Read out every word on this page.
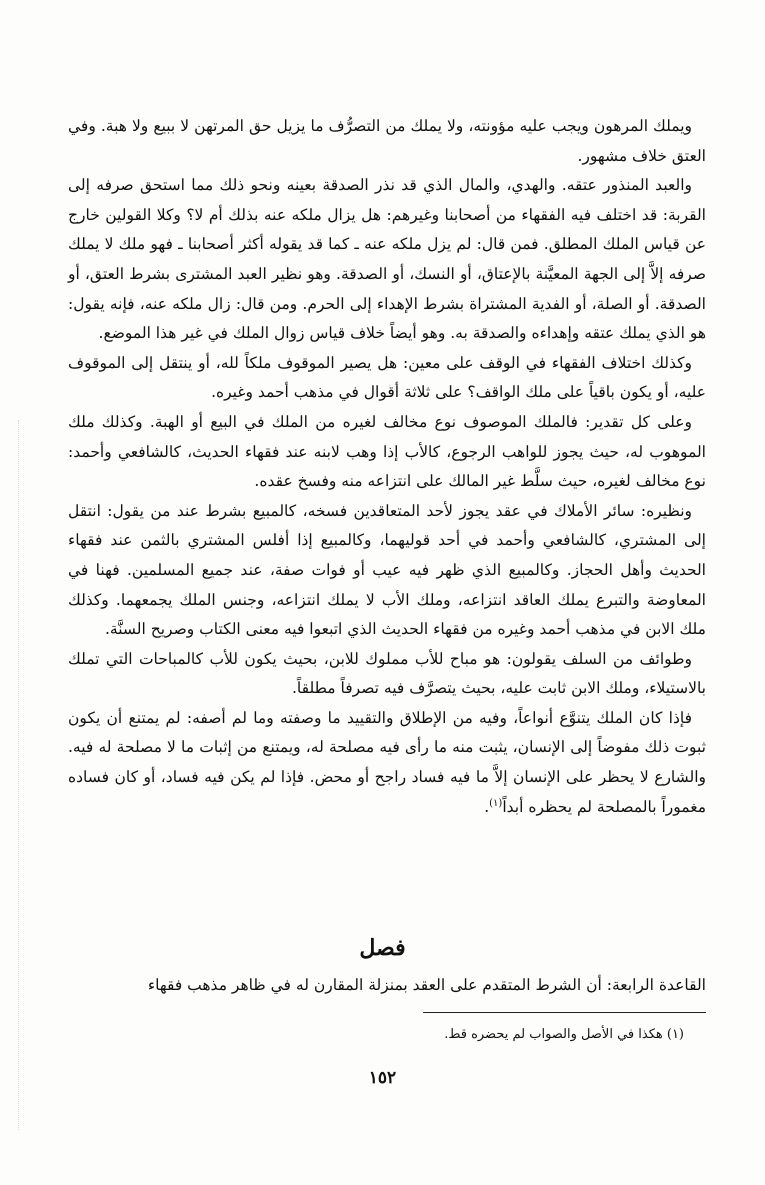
ويملك المرهون ويجب عليه مؤونته، ولا يملك من التصرُّف ما يزيل حق المرتهن لا ببيع ولا هبة. وفي العتق خلاف مشهور.

والعبد المنذور عتقه. والهدي، والمال الذي قد نذر الصدقة بعينه ونحو ذلك مما استحق صرفه إلى القربة: قد اختلف فيه الفقهاء من أصحابنا وغيرهم: هل يزال ملكه عنه بذلك أم لا؟ وكلا القولين خارج عن قياس الملك المطلق. فمن قال: لم يزل ملكه عنه ـ كما قد يقوله أكثر أصحابنا ـ فهو ملك لا يملك صرفه إلاَّ إلى الجهة المعيَّنة بالإعتاق، أو النسك، أو الصدقة. وهو نظير العبد المشترى بشرط العتق، أو الصدقة. أو الصلة، أو الفدية المشتراة بشرط الإهداء إلى الحرم. ومن قال: زال ملكه عنه، فإنه يقول: هو الذي يملك عتقه وإهداءه والصدقة به. وهو أيضاً خلاف قياس زوال الملك في غير هذا الموضع.

وكذلك اختلاف الفقهاء في الوقف على معين: هل يصير الموقوف ملكاً لله، أو ينتقل إلى الموقوف عليه، أو يكون باقياً على ملك الواقف؟ على ثلاثة أقوال في مذهب أحمد وغيره.

وعلى كل تقدير: فالملك الموصوف نوع مخالف لغيره من الملك في البيع أو الهبة. وكذلك ملك الموهوب له، حيث يجوز للواهب الرجوع، كالأب إذا وهب لابنه عند فقهاء الحديث، كالشافعي وأحمد: نوع مخالف لغيره، حيث سلَّط غير المالك على انتزاعه منه وفسخ عقده.

ونظيره: سائر الأملاك في عقد يجوز لأحد المتعاقدين فسخه، كالمبيع بشرط عند من يقول: انتقل إلى المشتري، كالشافعي وأحمد في أحد قوليهما، وكالمبيع إذا أفلس المشتري بالثمن عند فقهاء الحديث وأهل الحجاز. وكالمبيع الذي ظهر فيه عيب أو فوات صفة، عند جميع المسلمين. فهنا في المعاوضة والتبرع يملك العاقد انتزاعه، وملك الأب لا يملك انتزاعه، وجنس الملك يجمعهما. وكذلك ملك الابن في مذهب أحمد وغيره من فقهاء الحديث الذي اتبعوا فيه معنى الكتاب وصريح السنَّة.

وطوائف من السلف يقولون: هو مباح للأب مملوك للابن، بحيث يكون للأب كالمباحات التي تملك بالاستيلاء، وملك الابن ثابت عليه، بحيث يتصرَّف فيه تصرفاً مطلقاً.

فإذا كان الملك يتنوَّع أنواعاً، وفيه من الإطلاق والتقييد ما وصفته وما لم أصفه: لم يمتنع أن يكون ثبوت ذلك مفوضاً إلى الإنسان، يثبت منه ما رأى فيه مصلحة له، ويمتنع من إثبات ما لا مصلحة له فيه. والشارع لا يحظر على الإنسان إلاَّ ما فيه فساد راجح أو محض. فإذا لم يكن فيه فساد، أو كان فساده مغموراً بالمصلحة لم يحظره أبداً$^{(١)}$.

فصل

القاعدة الرابعة: أن الشرط المتقدم على العقد بمنزلة المقارن له في ظاهر مذهب فقهاء

(١) هكذا في الأصل والصواب لم يحضره قط.
١٥٢
